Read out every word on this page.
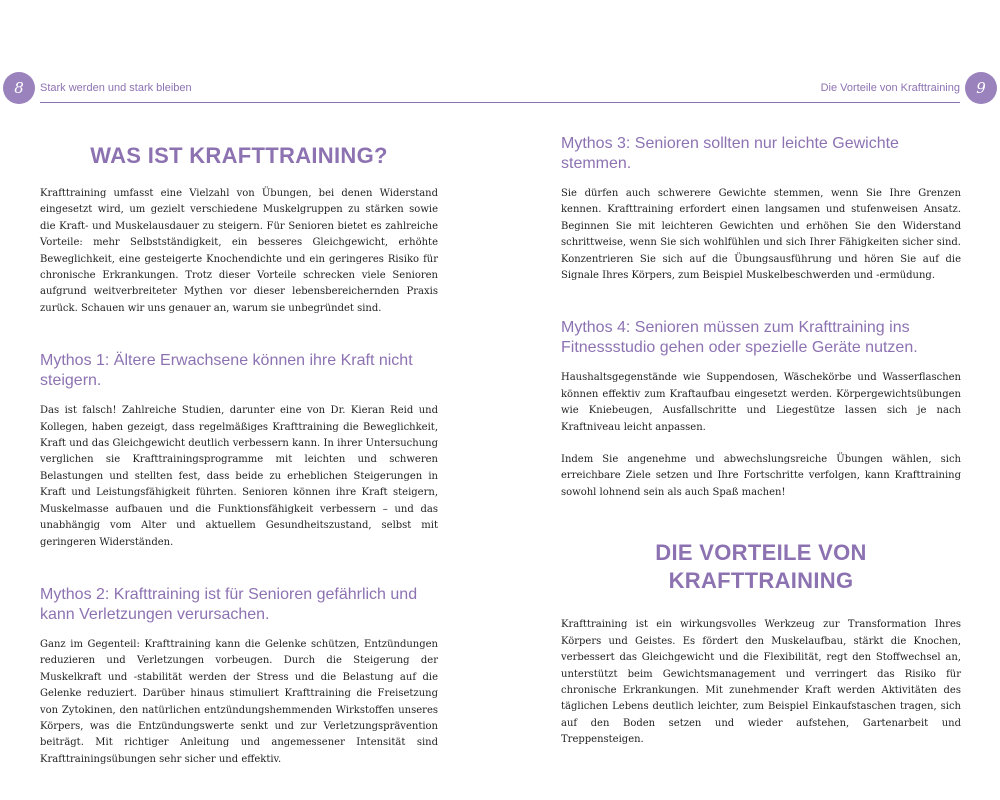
8	Stark werden und stark bleiben
WAS IST KRAFTTRAINING?

Krafttraining umfasst eine Vielzahl von Übungen, bei denen Widerstand eingesetzt wird, um gezielt verschiedene Muskelgruppen zu stärken sowie die Kraft- und Muskelausdauer zu steigern. Für Senioren bietet es zahlreiche Vorteile: mehr Selbstständigkeit, ein besseres Gleichgewicht, erhöhte Beweglichkeit, eine gesteigerte Knochendichte und ein geringeres Risiko für chronische Erkrankungen. Trotz dieser Vorteile schrecken viele Senioren aufgrund weitverbreiteter Mythen vor dieser lebensbereichernden Praxis zurück. Schauen wir uns genauer an, warum sie unbegründet sind.

Mythos 1: Ältere Erwachsene können ihre Kraft nicht steigern.

Das ist falsch! Zahlreiche Studien, darunter eine von Dr. Kieran Reid und Kollegen, haben gezeigt, dass regelmäßiges Krafttraining die Beweglichkeit, Kraft und das Gleichgewicht deutlich verbessern kann. In ihrer Untersuchung verglichen sie Krafttrainingsprogramme mit leichten und schweren Belastungen und stellten fest, dass beide zu erheblichen Steigerungen in Kraft und Leistungsfähigkeit führten. Senioren können ihre Kraft steigern, Muskelmasse aufbauen und die Funktionsfähigkeit verbessern – und das unabhängig vom Alter und aktuellem Gesundheitszustand, selbst mit geringeren Widerständen.

Mythos 2: Krafttraining ist für Senioren gefährlich und kann Verletzungen verursachen.

Ganz im Gegenteil: Krafttraining kann die Gelenke schützen, Entzündungen reduzieren und Verletzungen vorbeugen. Durch die Steigerung der Muskelkraft und -stabilität werden der Stress und die Belastung auf die Gelenke reduziert. Darüber hinaus stimuliert Krafttraining die Freisetzung von Zytokinen, den natürlichen entzündungshemmenden Wirkstoffen unseres Körpers, was die Entzündungswerte senkt und zur Verletzungsprävention beiträgt. Mit richtiger Anleitung und angemessener Intensität sind Krafttrainingsübungen sehr sicher und effektiv.

9
Die Vorteile von Krafttraining
Mythos 3: Senioren sollten nur leichte Gewichte stemmen.

Sie dürfen auch schwerere Gewichte stemmen, wenn Sie Ihre Grenzen kennen. Krafttraining erfordert einen langsamen und stufenweisen Ansatz. Beginnen Sie mit leichteren Gewichten und erhöhen Sie den Widerstand schrittweise, wenn Sie sich wohlfühlen und sich Ihrer Fähigkeiten sicher sind. Konzentrieren Sie sich auf die Übungsausführung und hören Sie auf die Signale Ihres Körpers, zum Beispiel Muskelbeschwerden und -ermüdung.

Mythos 4: Senioren müssen zum Krafttraining ins Fitnessstudio gehen oder spezielle Geräte nutzen.

Haushaltsgegenstände wie Suppendosen, Wäschekörbe und Wasserflaschen können effektiv zum Kraftaufbau eingesetzt werden. Körpergewichtsübungen wie Kniebeugen, Ausfallschritte und Liegestütze lassen sich je nach Kraftniveau leicht anpassen.

Indem Sie angenehme und abwechslungsreiche Übungen wählen, sich erreichbare Ziele setzen und Ihre Fortschritte verfolgen, kann Krafttraining sowohl lohnend sein als auch Spaß machen!

DIE VORTEILE VON KRAFTTRAINING

Krafttraining ist ein wirkungsvolles Werkzeug zur Transformation Ihres Körpers und Geistes. Es fördert den Muskelaufbau, stärkt die Knochen, verbessert das Gleichgewicht und die Flexibilität, regt den Stoffwechsel an, unterstützt beim Gewichtsmanagement und verringert das Risiko für chronische Erkrankungen. Mit zunehmender Kraft werden Aktivitäten des täglichen Lebens deutlich leichter, zum Beispiel Einkaufstaschen tragen, sich auf den Boden setzen und wieder aufstehen, Gartenarbeit und Treppensteigen.
